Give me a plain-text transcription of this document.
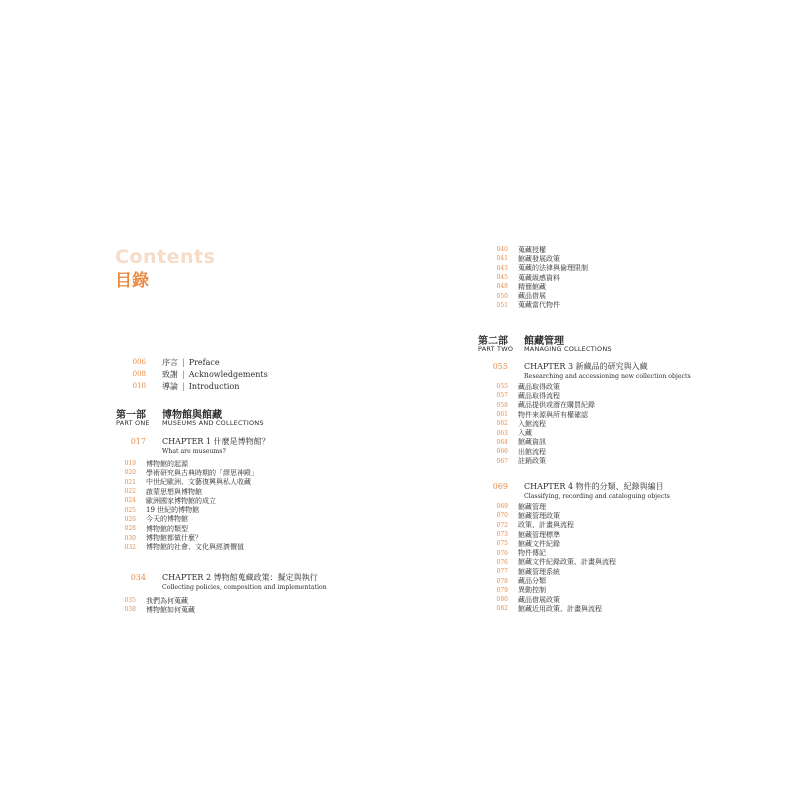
Contents
目錄
006 序言 | Preface
008 致謝 | Acknowledgements
010 導論 | Introduction
第一部
PART ONE
博物館與館藏
MUSEUMS AND COLLECTIONS
017 CHAPTER 1 什麼是博物館？
What are museums?
019 博物館的起源
020 學術研究與古典時期的「繆思神殿」
021 中世紀歐洲、文藝復興與私人收藏
022 啟蒙思想與博物館
024 歐洲國家博物館的成立
025 19 世紀的博物館
026 今天的博物館
028 博物館的類型
030 博物館都做什麼？
032 博物館的社會、文化與經濟價值
034 CHAPTER 2 博物館蒐藏政策：擬定與執行
Collecting policies, composition and implementation
035 我們為何蒐藏
038 博物館如何蒐藏
040 蒐藏授權
041 館藏發展政策
043 蒐藏的法律與倫理限制
045 蒐藏級感資料
048 精簡館藏
050 藏品借展
051 蒐藏當代物件
第二部
PART TWO
館藏管理
MANAGING COLLECTIONS
055 CHAPTER 3 新藏品的研究與入藏
Researching and accessioning new collection objects
055 藏品取得政策
057 藏品取得流程
058 藏品提供或潛在購買紀錄
061 物件來源與所有權確認
062 入館流程
063 入藏
064 館藏資訊
066 出館流程
067 註銷政策
069 CHAPTER 4 物件的分類、紀錄與編目
Classifying, recording and cataloguing objects
069 館藏管理
070 館藏管理政策
072 政策、計畫與流程
073 館藏管理標準
075 館藏文件紀錄
076 物件傳記
076 館藏文件紀錄政策、計畫與流程
077 館藏管理系統
078 藏品分類
079 異動控制
080 藏品借展政策
082 館藏近用政策、計畫與流程
